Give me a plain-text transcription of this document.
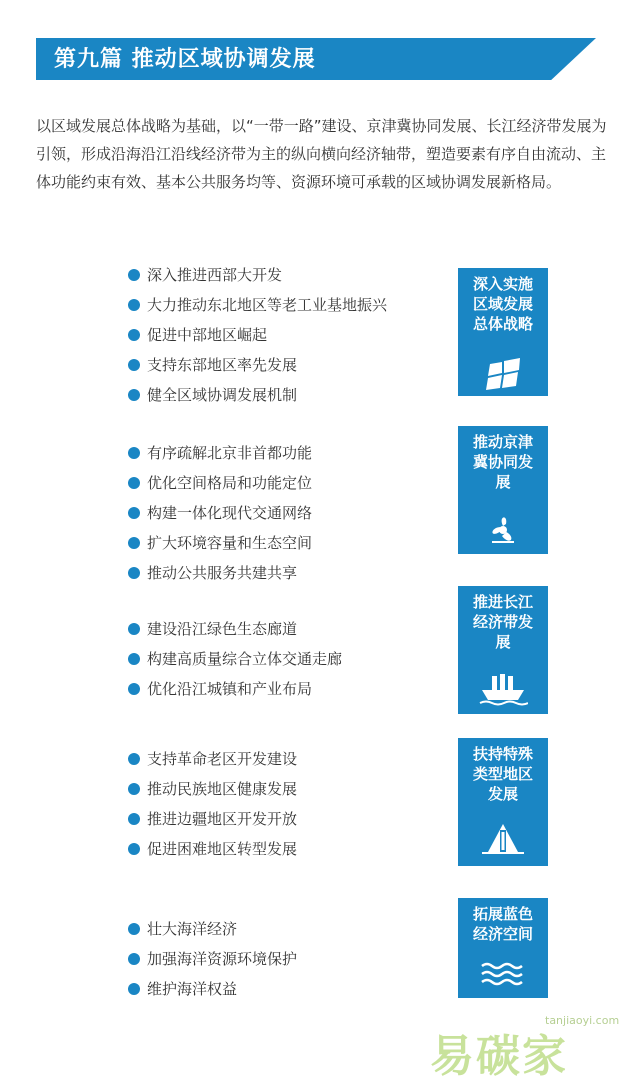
第九篇 推动区域协调发展
以区域发展总体战略为基础，以“一带一路”建设、京津冀协同发展、长江经济带发展为引领，形成沿海沿江沿线经济带为主的纵向横向经济轴带，塑造要素有序自由流动、主体功能约束有效、基本公共服务均等、资源环境可承载的区域协调发展新格局。
深入推进西部大开发
大力推动东北地区等老工业基地振兴
促进中部地区崛起
支持东部地区率先发展
健全区域协调发展机制
深入实施区域发展总体战略
有序疏解北京非首都功能
优化空间格局和功能定位
构建一体化现代交通网络
扩大环境容量和生态空间
推动公共服务共建共享
推动京津冀协同发展
建设沿江绿色生态廊道
构建高质量综合立体交通走廊
优化沿江城镇和产业布局
推进长江经济带发展
支持革命老区开发建设
推动民族地区健康发展
推进边疆地区开发开放
促进困难地区转型发展
扶持特殊类型地区发展
壮大海洋经济
加强海洋资源环境保护
维护海洋权益
拓展蓝色经济空间
易碳家
tanjiaoyi.com
